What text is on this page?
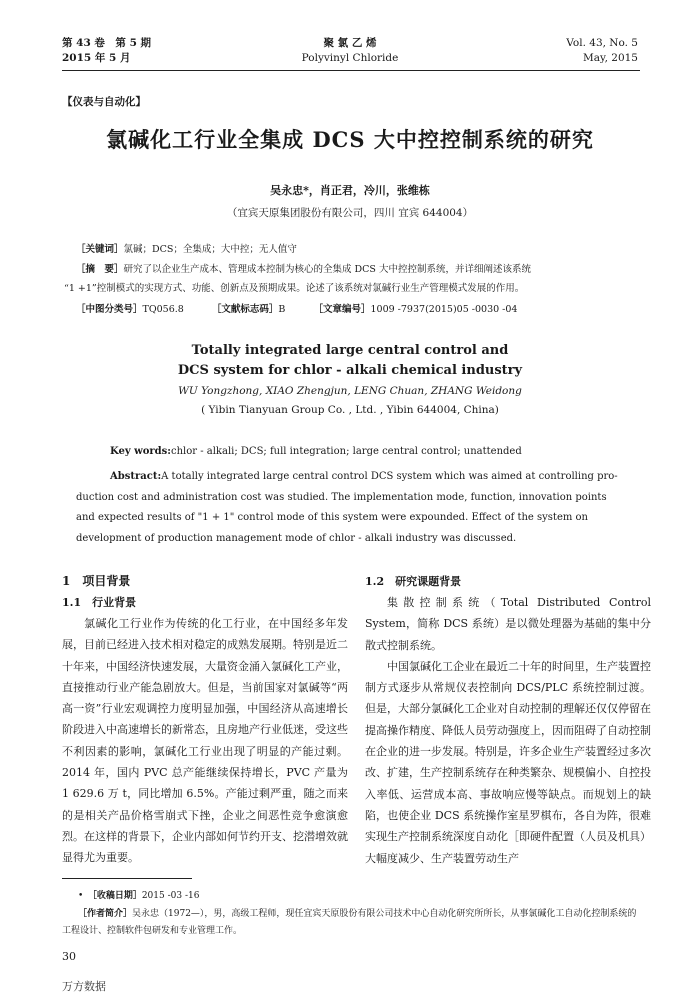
第 43 卷　第 5 期
2015 年 5 月
聚 氯 乙 烯
Polyvinyl Chloride
Vol. 43, No. 5
May, 2015
【仪表与自动化】
氯碱化工行业全集成 DCS 大中控控制系统的研究
吴永忠*，肖正君，冷川，张维栋
（宜宾天原集团股份有限公司，四川 宜宾 644004）
［关键词］氯碱；DCS；全集成；大中控；无人值守
［摘　要］研究了以企业生产成本、管理成本控制为核心的全集成 DCS 大中控控制系统，并详细阐述该系统
“1 +1”控制模式的实现方式、功能、创新点及预期成果。论述了该系统对氯碱行业生产管理模式发展的作用。
［中图分类号］TQ056.8	［文献标志码］B	［文章编号］1009 -7937(2015)05 -0030 -04
Totally integrated large central control and
DCS system for chlor - alkali chemical industry
WU Yongzhong, XIAO Zhengjun, LENG Chuan, ZHANG Weidong
( Yibin Tianyuan Group Co. , Ltd. , Yibin 644004, China)
Key words:chlor - alkali; DCS; full integration; large central control; unattended
Abstract:A totally integrated large central control DCS system which was aimed at controlling pro-
duction cost and administration cost was studied. The implementation mode, function, innovation points
and expected results of "1 + 1" control mode of this system were expounded. Effect of the system on
development of production management mode of chlor - alkali industry was discussed.
1　项目背景
1.1　行业背景

氯碱化工行业作为传统的化工行业，在中国经多年发展，目前已经进入技术相对稳定的成熟发展期。特别是近二十年来，中国经济快速发展，大量资金涌入氯碱化工产业，直接推动行业产能急剧放大。但是，当前国家对氯碱等“两高一资”行业宏观调控力度明显加强，中国经济从高速增长阶段进入中高速增长的新常态，且房地产行业低迷，受这些不利因素的影响，氯碱化工行业出现了明显的产能过剩。2014 年，国内 PVC 总产能继续保持增长，PVC 产量为 1 629.6 万 t，同比增加 6.5%。产能过剩严重，随之而来的是相关产品价格雪崩式下挫，企业之间恶性竞争愈演愈烈。在这样的背景下，企业内部如何节约开支、挖潜增效就显得尤为重要。

1.2　研究课题背景

集散控制系统（Total Distributed Control System，简称 DCS 系统）是以微处理器为基础的集中分散式控制系统。

中国氯碱化工企业在最近二十年的时间里，生产装置控制方式逐步从常规仪表控制向 DCS/PLC 系统控制过渡。但是，大部分氯碱化工企业对自动控制的理解还仅仅停留在提高操作精度、降低人员劳动强度上，因而阻碍了自动控制在企业的进一步发展。特别是，许多企业生产装置经过多次改、扩建，生产控制系统存在种类繁杂、规模偏小、自控投入率低、运营成本高、事故响应慢等缺点。而规划上的缺陷，也使企业 DCS 系统操作室星罗棋布，各自为阵，很难实现生产控制系统深度自动化［即硬件配置（人员及机具）大幅度减少、生产装置劳动生产

•　［收稿日期］2015 -03 -16
［作者简介］吴永忠（1972—），男，高级工程师，现任宜宾天原股份有限公司技术中心自动化研究所所长，从事氯碱化工自动化控制系统的工程设计、控制软件包研发和专业管理工作。
30
万方数据
